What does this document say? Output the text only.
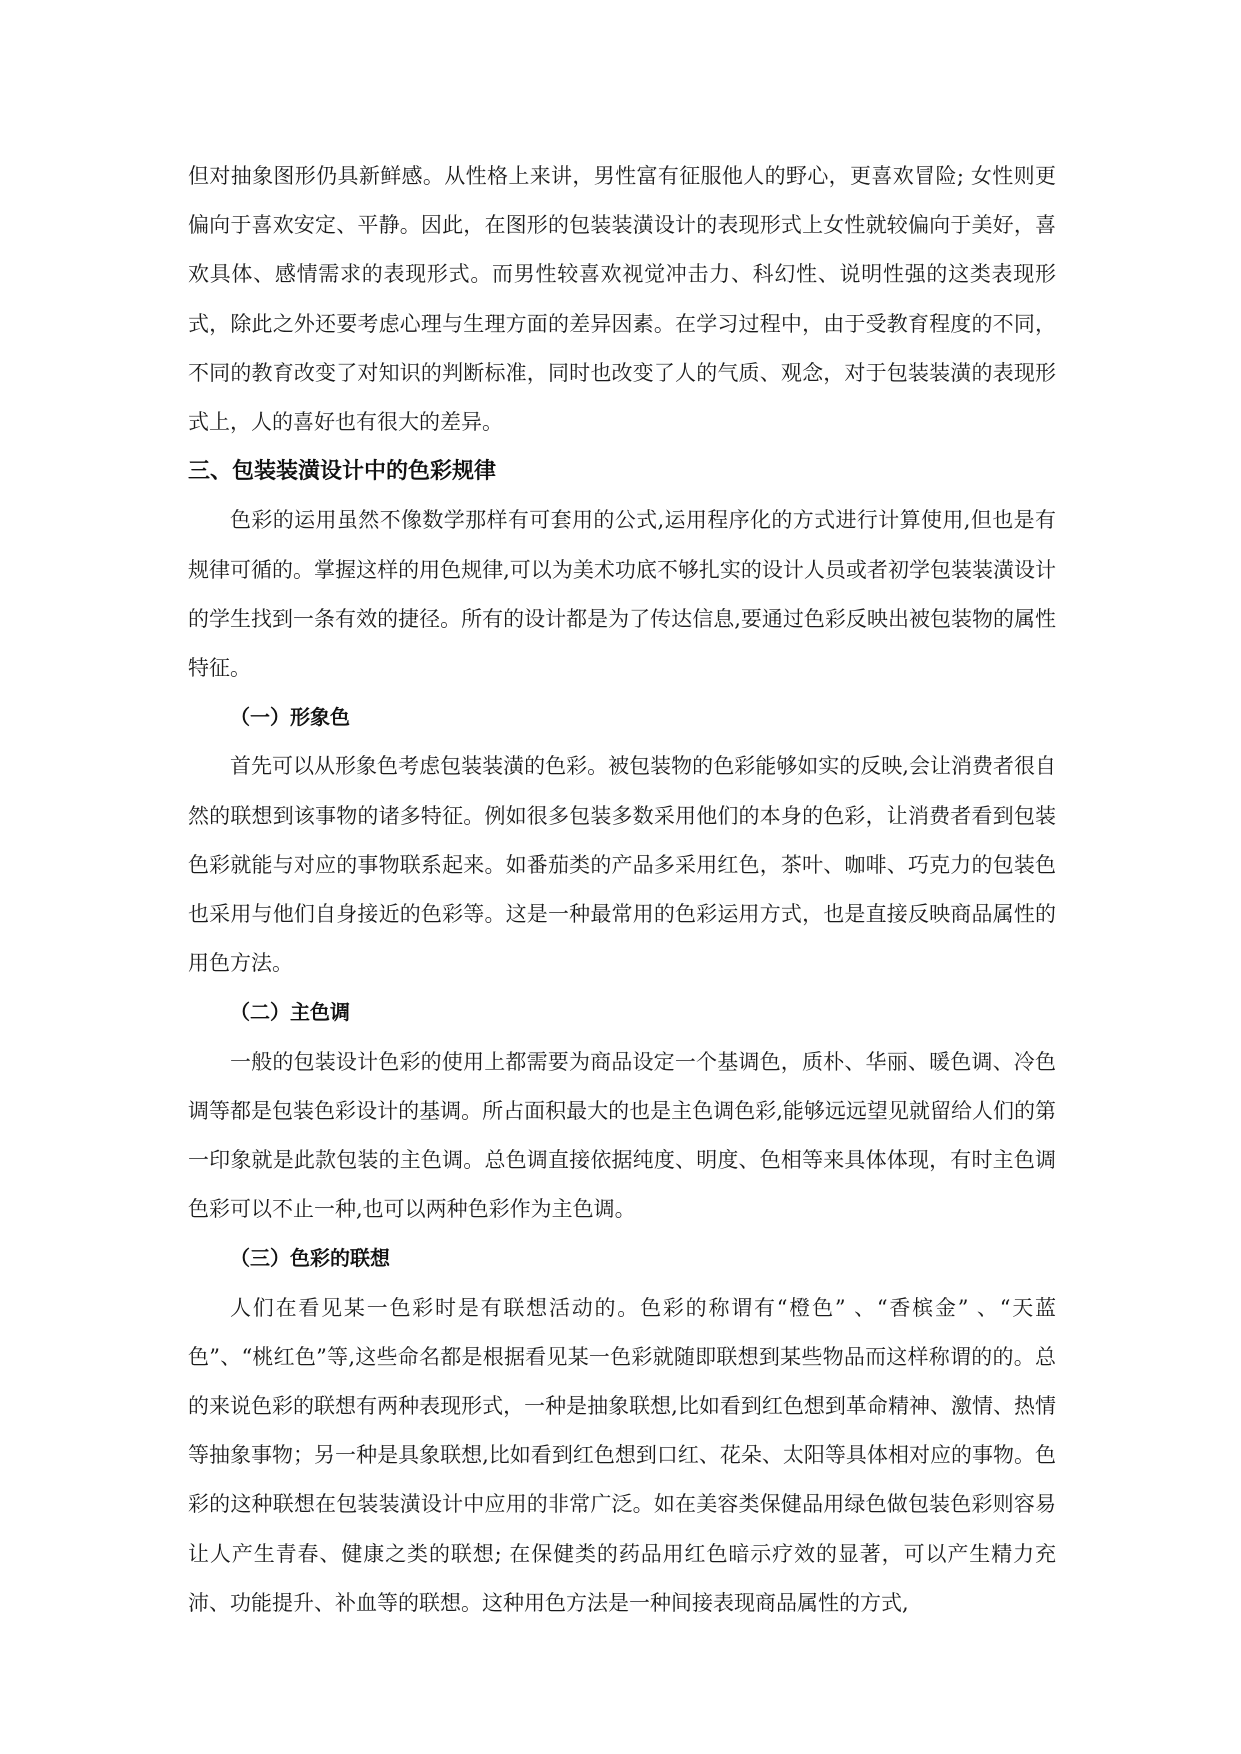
但对抽象图形仍具新鲜感。从性格上来讲，男性富有征服他人的野心，更喜欢冒险; 女性则更偏向于喜欢安定、平静。因此，在图形的包装装潢设计的表现形式上女性就较偏向于美好，喜欢具体、感情需求的表现形式。而男性较喜欢视觉冲击力、科幻性、说明性强的这类表现形式，除此之外还要考虑心理与生理方面的差异因素。在学习过程中，由于受教育程度的不同，不同的教育改变了对知识的判断标准，同时也改变了人的气质、观念，对于包装装潢的表现形式上，人的喜好也有很大的差异。

三、包装装潢设计中的色彩规律

色彩的运用虽然不像数学那样有可套用的公式,运用程序化的方式进行计算使用,但也是有规律可循的。掌握这样的用色规律,可以为美术功底不够扎实的设计人员或者初学包装装潢设计的学生找到一条有效的捷径。所有的设计都是为了传达信息,要通过色彩反映出被包装物的属性特征。

（一）形象色

首先可以从形象色考虑包装装潢的色彩。被包装物的色彩能够如实的反映,会让消费者很自然的联想到该事物的诸多特征。例如很多包装多数采用他们的本身的色彩，让消费者看到包装色彩就能与对应的事物联系起来。如番茄类的产品多采用红色，茶叶、咖啡、巧克力的包装色也采用与他们自身接近的色彩等。这是一种最常用的色彩运用方式，也是直接反映商品属性的用色方法。

（二）主色调

一般的包装设计色彩的使用上都需要为商品设定一个基调色，质朴、华丽、暖色调、冷色调等都是包装色彩设计的基调。所占面积最大的也是主色调色彩,能够远远望见就留给人们的第一印象就是此款包装的主色调。总色调直接依据纯度、明度、色相等来具体体现，有时主色调色彩可以不止一种,也可以两种色彩作为主色调。

（三）色彩的联想

人们在看见某一色彩时是有联想活动的。色彩的称谓有“橙色” 、“香槟金” 、“天蓝色”、“桃红色”等,这些命名都是根据看见某一色彩就随即联想到某些物品而这样称谓的的。总的来说色彩的联想有两种表现形式，一种是抽象联想,比如看到红色想到革命精神、激情、热情等抽象事物；另一种是具象联想,比如看到红色想到口红、花朵、太阳等具体相对应的事物。色彩的这种联想在包装装潢设计中应用的非常广泛。如在美容类保健品用绿色做包装色彩则容易让人产生青春、健康之类的联想; 在保健类的药品用红色暗示疗效的显著，可以产生精力充沛、功能提升、补血等的联想。这种用色方法是一种间接表现商品属性的方式,
